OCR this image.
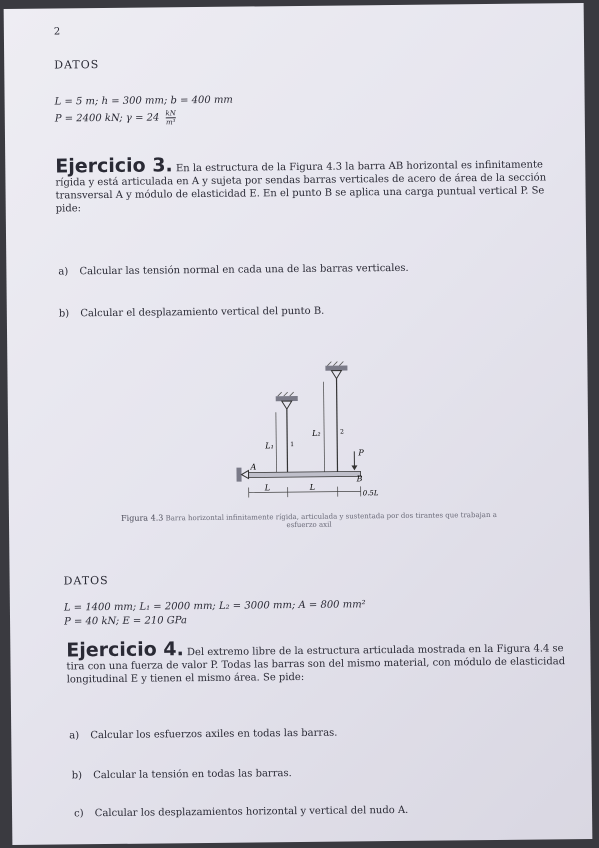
2
DATOS
L = 5 m; h = 300 mm; b = 400 mm
P = 2400 kN; $\gamma = 24 \frac{kN}{\text{m³}}$
Ejercicio 3. En la estructura de la Figura 4.3 la barra AB horizontal es infinitamente
rígida y está articulada en A y sujeta por sendas barras verticales de acero de área de la sección
transversal A y módulo de elasticidad E. En el punto B se aplica una carga puntual vertical P. Se
pide:
a) Calcular las tensión normal en cada una de las barras verticales.
b) Calcular el desplazamiento vertical del punto B.
L₁
L₂
1
2
A
P
B
L	L
0.5L
Figura 4.3 Barra horizontal infinitamente rígida, articulada y sustentada por dos tirantes que trabajan a
esfuerzo axil
DATOS
L = 1400 mm; L₁ = 2000 mm; L₂ = 3000 mm; A = 800 mm²
P = 40 kN; E = 210 GPa
Ejercicio 4. Del extremo libre de la estructura articulada mostrada en la Figura 4.4 se
tira con una fuerza de valor P. Todas las barras son del mismo material, con módulo de elasticidad
longitudinal E y tienen el mismo área. Se pide:
a) Calcular los esfuerzos axiles en todas las barras.
b) Calcular la tensión en todas las barras.
c) Calcular los desplazamientos horizontal y vertical del nudo A.
